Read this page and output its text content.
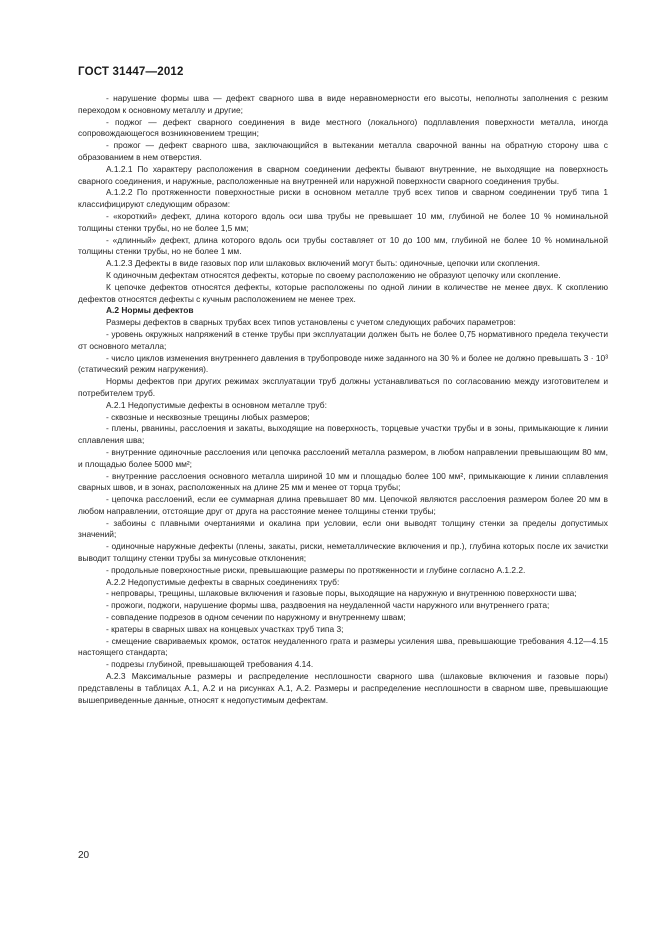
ГОСТ 31447—2012

- нарушение формы шва — дефект сварного шва в виде неравномерности его высоты, неполноты заполнения с резким переходом к основному металлу и другие;

- поджог — дефект сварного соединения в виде местного (локального) подплавления поверхности металла, иногда сопровождающегося возникновением трещин;

- прожог — дефект сварного шва, заключающийся в вытекании металла сварочной ванны на обратную сторону шва с образованием в нем отверстия.

А.1.2.1 По характеру расположения в сварном соединении дефекты бывают внутренние, не выходящие на поверхность сварного соединения, и наружные, расположенные на внутренней или наружной поверхности сварного соединения трубы.

А.1.2.2 По протяженности поверхностные риски в основном металле труб всех типов и сварном соединении труб типа 1 классифицируют следующим образом:

- «короткий» дефект, длина которого вдоль оси шва трубы не превышает 10 мм, глубиной не более 10 % номинальной толщины стенки трубы, но не более 1,5 мм;

- «длинный» дефект, длина которого вдоль оси трубы составляет от 10 до 100 мм, глубиной не более 10 % номинальной толщины стенки трубы, но не более 1 мм.

А.1.2.3 Дефекты в виде газовых пор или шлаковых включений могут быть: одиночные, цепочки или скопления.

К одиночным дефектам относятся дефекты, которые по своему расположению не образуют цепочку или скопление.

К цепочке дефектов относятся дефекты, которые расположены по одной линии в количестве не менее двух. К скоплению дефектов относятся дефекты с кучным расположением не менее трех.

А.2 Нормы дефектов

Размеры дефектов в сварных трубах всех типов установлены с учетом следующих рабочих параметров:

- уровень окружных напряжений в стенке трубы при эксплуатации должен быть не более 0,75 нормативного предела текучести σт основного металла;

- число циклов изменения внутреннего давления в трубопроводе ниже заданного на 30 % и более не должно превышать 3 · 10³ (статический режим нагружения).

Нормы дефектов при других режимах эксплуатации труб должны устанавливаться по согласованию между изготовителем и потребителем труб.

А.2.1 Недопустимые дефекты в основном металле труб:

- сквозные и несквозные трещины любых размеров;

- плены, рванины, расслоения и закаты, выходящие на поверхность, торцевые участки трубы и в зоны, примыкающие к линии сплавления шва;

- внутренние одиночные расслоения или цепочка расслоений металла размером, в любом направлении превышающим 80 мм, и площадью более 5000 мм²;

- внутренние расслоения основного металла шириной 10 мм и площадью более 100 мм², примыкающие к линии сплавления сварных швов, и в зонах, расположенных на длине 25 мм и менее от торца трубы;

- цепочка расслоений, если ее суммарная длина превышает 80 мм. Цепочкой являются расслоения размером более 20 мм в любом направлении, отстоящие друг от друга на расстояние менее толщины стенки трубы;

- забоины с плавными очертаниями и окалина при условии, если они выводят толщину стенки за пределы допустимых значений;

- одиночные наружные дефекты (плены, закаты, риски, неметаллические включения и пр.), глубина которых после их зачистки выводит толщину стенки трубы за минусовые отклонения;

- продольные поверхностные риски, превышающие размеры по протяженности и глубине согласно А.1.2.2.

А.2.2 Недопустимые дефекты в сварных соединениях труб:

- непровары, трещины, шлаковые включения и газовые поры, выходящие на наружную и внутреннюю поверхности шва;

- прожоги, поджоги, нарушение формы шва, раздвоения на неудаленной части наружного или внутреннего грата;

- совпадение подрезов в одном сечении по наружному и внутреннему швам;

- кратеры в сварных швах на концевых участках труб типа 3;

- смещение свариваемых кромок, остаток неудаленного грата и размеры усиления шва, превышающие требования 4.12—4.15 настоящего стандарта;

- подрезы глубиной, превышающей требования 4.14.

А.2.3 Максимальные размеры и распределение несплошности сварного шва (шлаковые включения и газовые поры) представлены в таблицах А.1, А.2 и на рисунках А.1, А.2. Размеры и распределение несплошности в сварном шве, превышающие вышеприведенные данные, относят к недопустимым дефектам.

20
